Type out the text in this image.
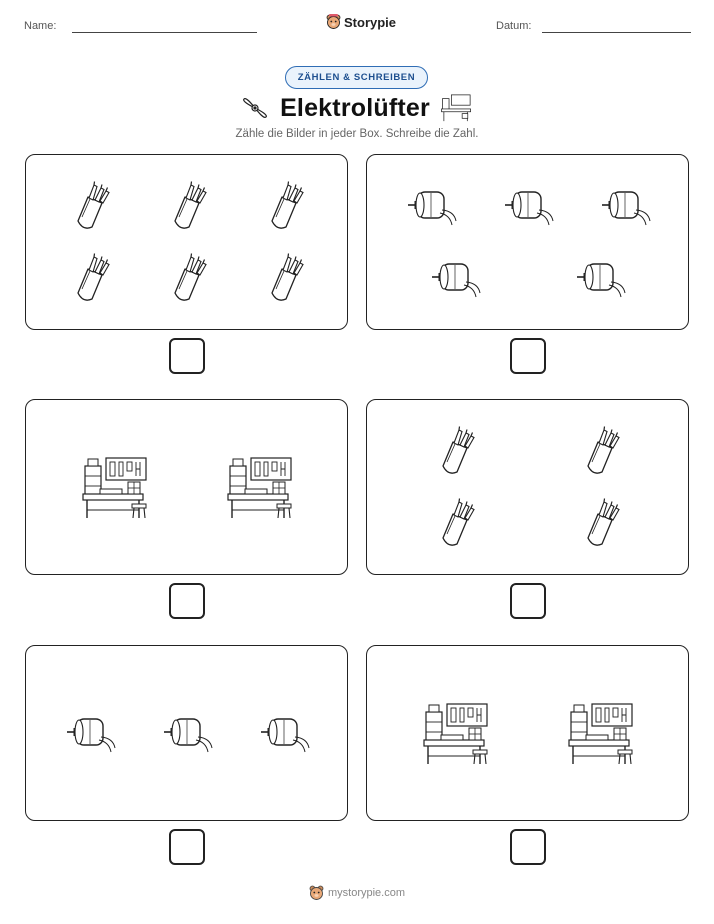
Name:	Storypie	Datum:
ZÄHLEN & SCHREIBEN
Elektrolüfter
Zähle die Bilder in jeder Box. Schreibe die Zahl.
mystorypie.com
